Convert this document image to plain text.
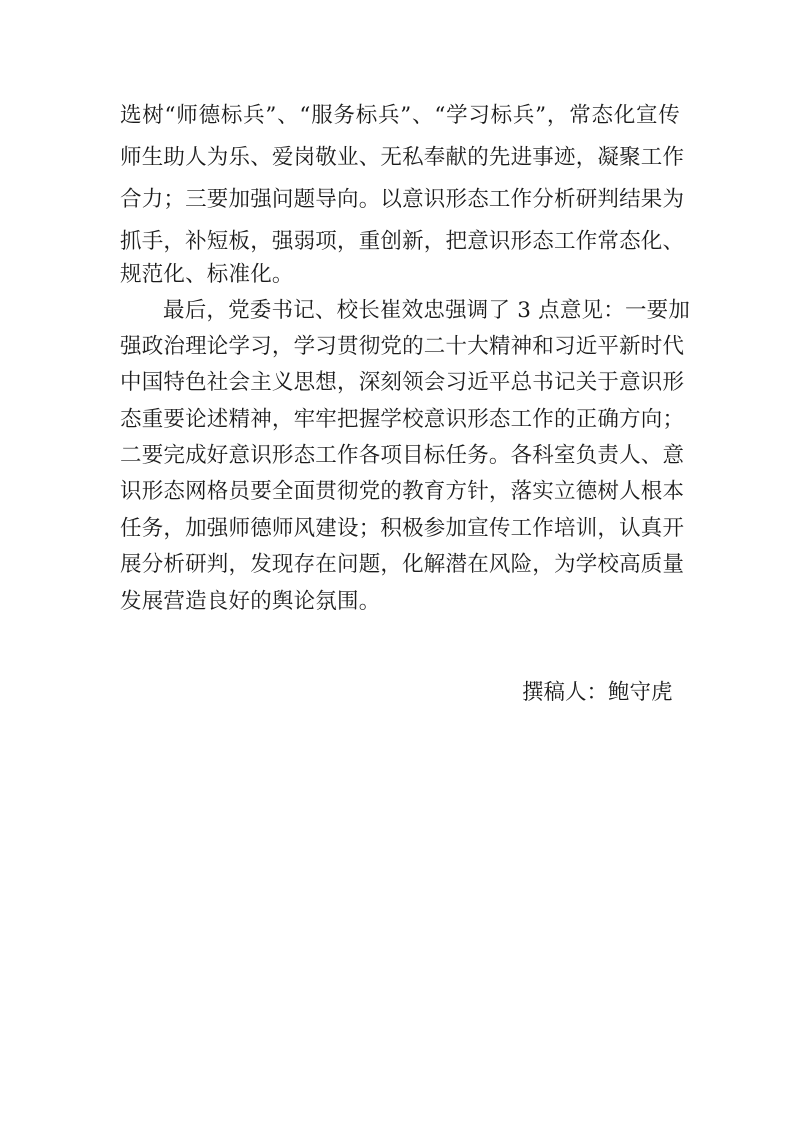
选树“师德标兵”、“服务标兵”、“学习标兵”，常态化宣传
师生助人为乐、爱岗敬业、无私奉献的先进事迹，凝聚工作
合力；三要加强问题导向。以意识形态工作分析研判结果为
抓手，补短板，强弱项，重创新，把意识形态工作常态化、
规范化、标准化。
最后，党委书记、校长崔效忠强调了 3 点意见：一要加
强政治理论学习，学习贯彻党的二十大精神和习近平新时代
中国特色社会主义思想，深刻领会习近平总书记关于意识形
态重要论述精神，牢牢把握学校意识形态工作的正确方向；
二要完成好意识形态工作各项目标任务。各科室负责人、意
识形态网格员要全面贯彻党的教育方针，落实立德树人根本
任务，加强师德师风建设；积极参加宣传工作培训，认真开
展分析研判，发现存在问题，化解潜在风险，为学校高质量
发展营造良好的舆论氛围。
撰稿人：鲍守虎
